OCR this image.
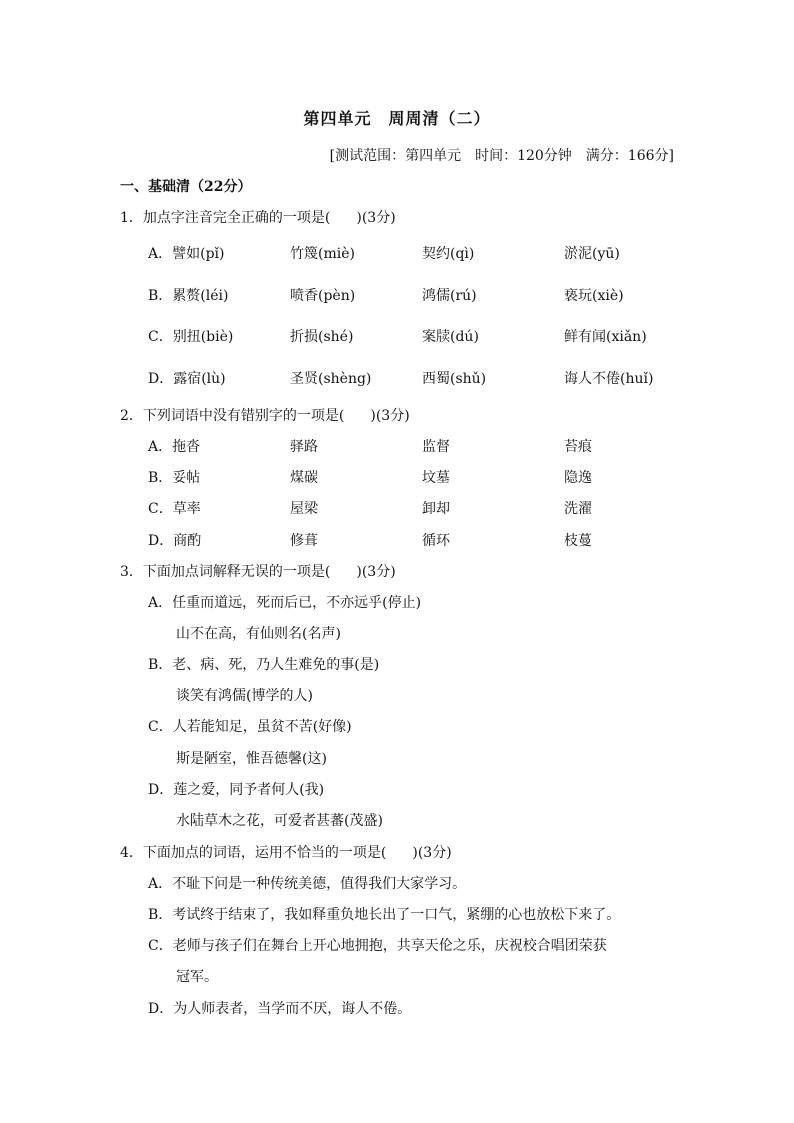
第四单元　周周清（二）
[测试范围：第四单元　时间：120分钟　满分：166分]
一、基础清（22分）
1．加点字注音完全正确的一项是( )(3分)
A．譬如(pǐ)	竹篾(miè)	契约(qì)	淤泥(yū)
B．累赘(léi)	喷香(pèn)	鸿儒(rú)	亵玩(xiè)
C．别扭(biè)	折损(shé)	案牍(dú)	鲜有闻(xiǎn)
D．露宿(lù)	圣贤(shèng)	西蜀(shǔ)	诲人不倦(huǐ)
2．下列词语中没有错别字的一项是( )(3分)
A．拖沓	驿路	监督	苔痕
B．妥帖	煤碳	坟墓	隐逸
C．草率	屋梁	卸却	洗濯
D．商酌	修葺	循环	枝蔓
3．下面加点词解释无误的一项是( )(3分)
A．任重而道远，死而后已，不亦远乎(停止)
山不在高，有仙则名(名声)
B．老、病、死，乃人生难免的事(是)
谈笑有鸿儒(博学的人)
C．人若能知足，虽贫不苦(好像)
斯是陋室，惟吾德馨(这)
D．莲之爱，同予者何人(我)
水陆草木之花，可爱者甚蕃(茂盛)
4．下面加点的词语，运用不恰当的一项是( )(3分)
A．不耻下问是一种传统美德，值得我们大家学习。
B．考试终于结束了，我如释重负地长出了一口气，紧绷的心也放松下来了。
C．老师与孩子们在舞台上开心地拥抱，共享天伦之乐，庆祝校合唱团荣获
冠军。
D．为人师表者，当学而不厌，诲人不倦。
